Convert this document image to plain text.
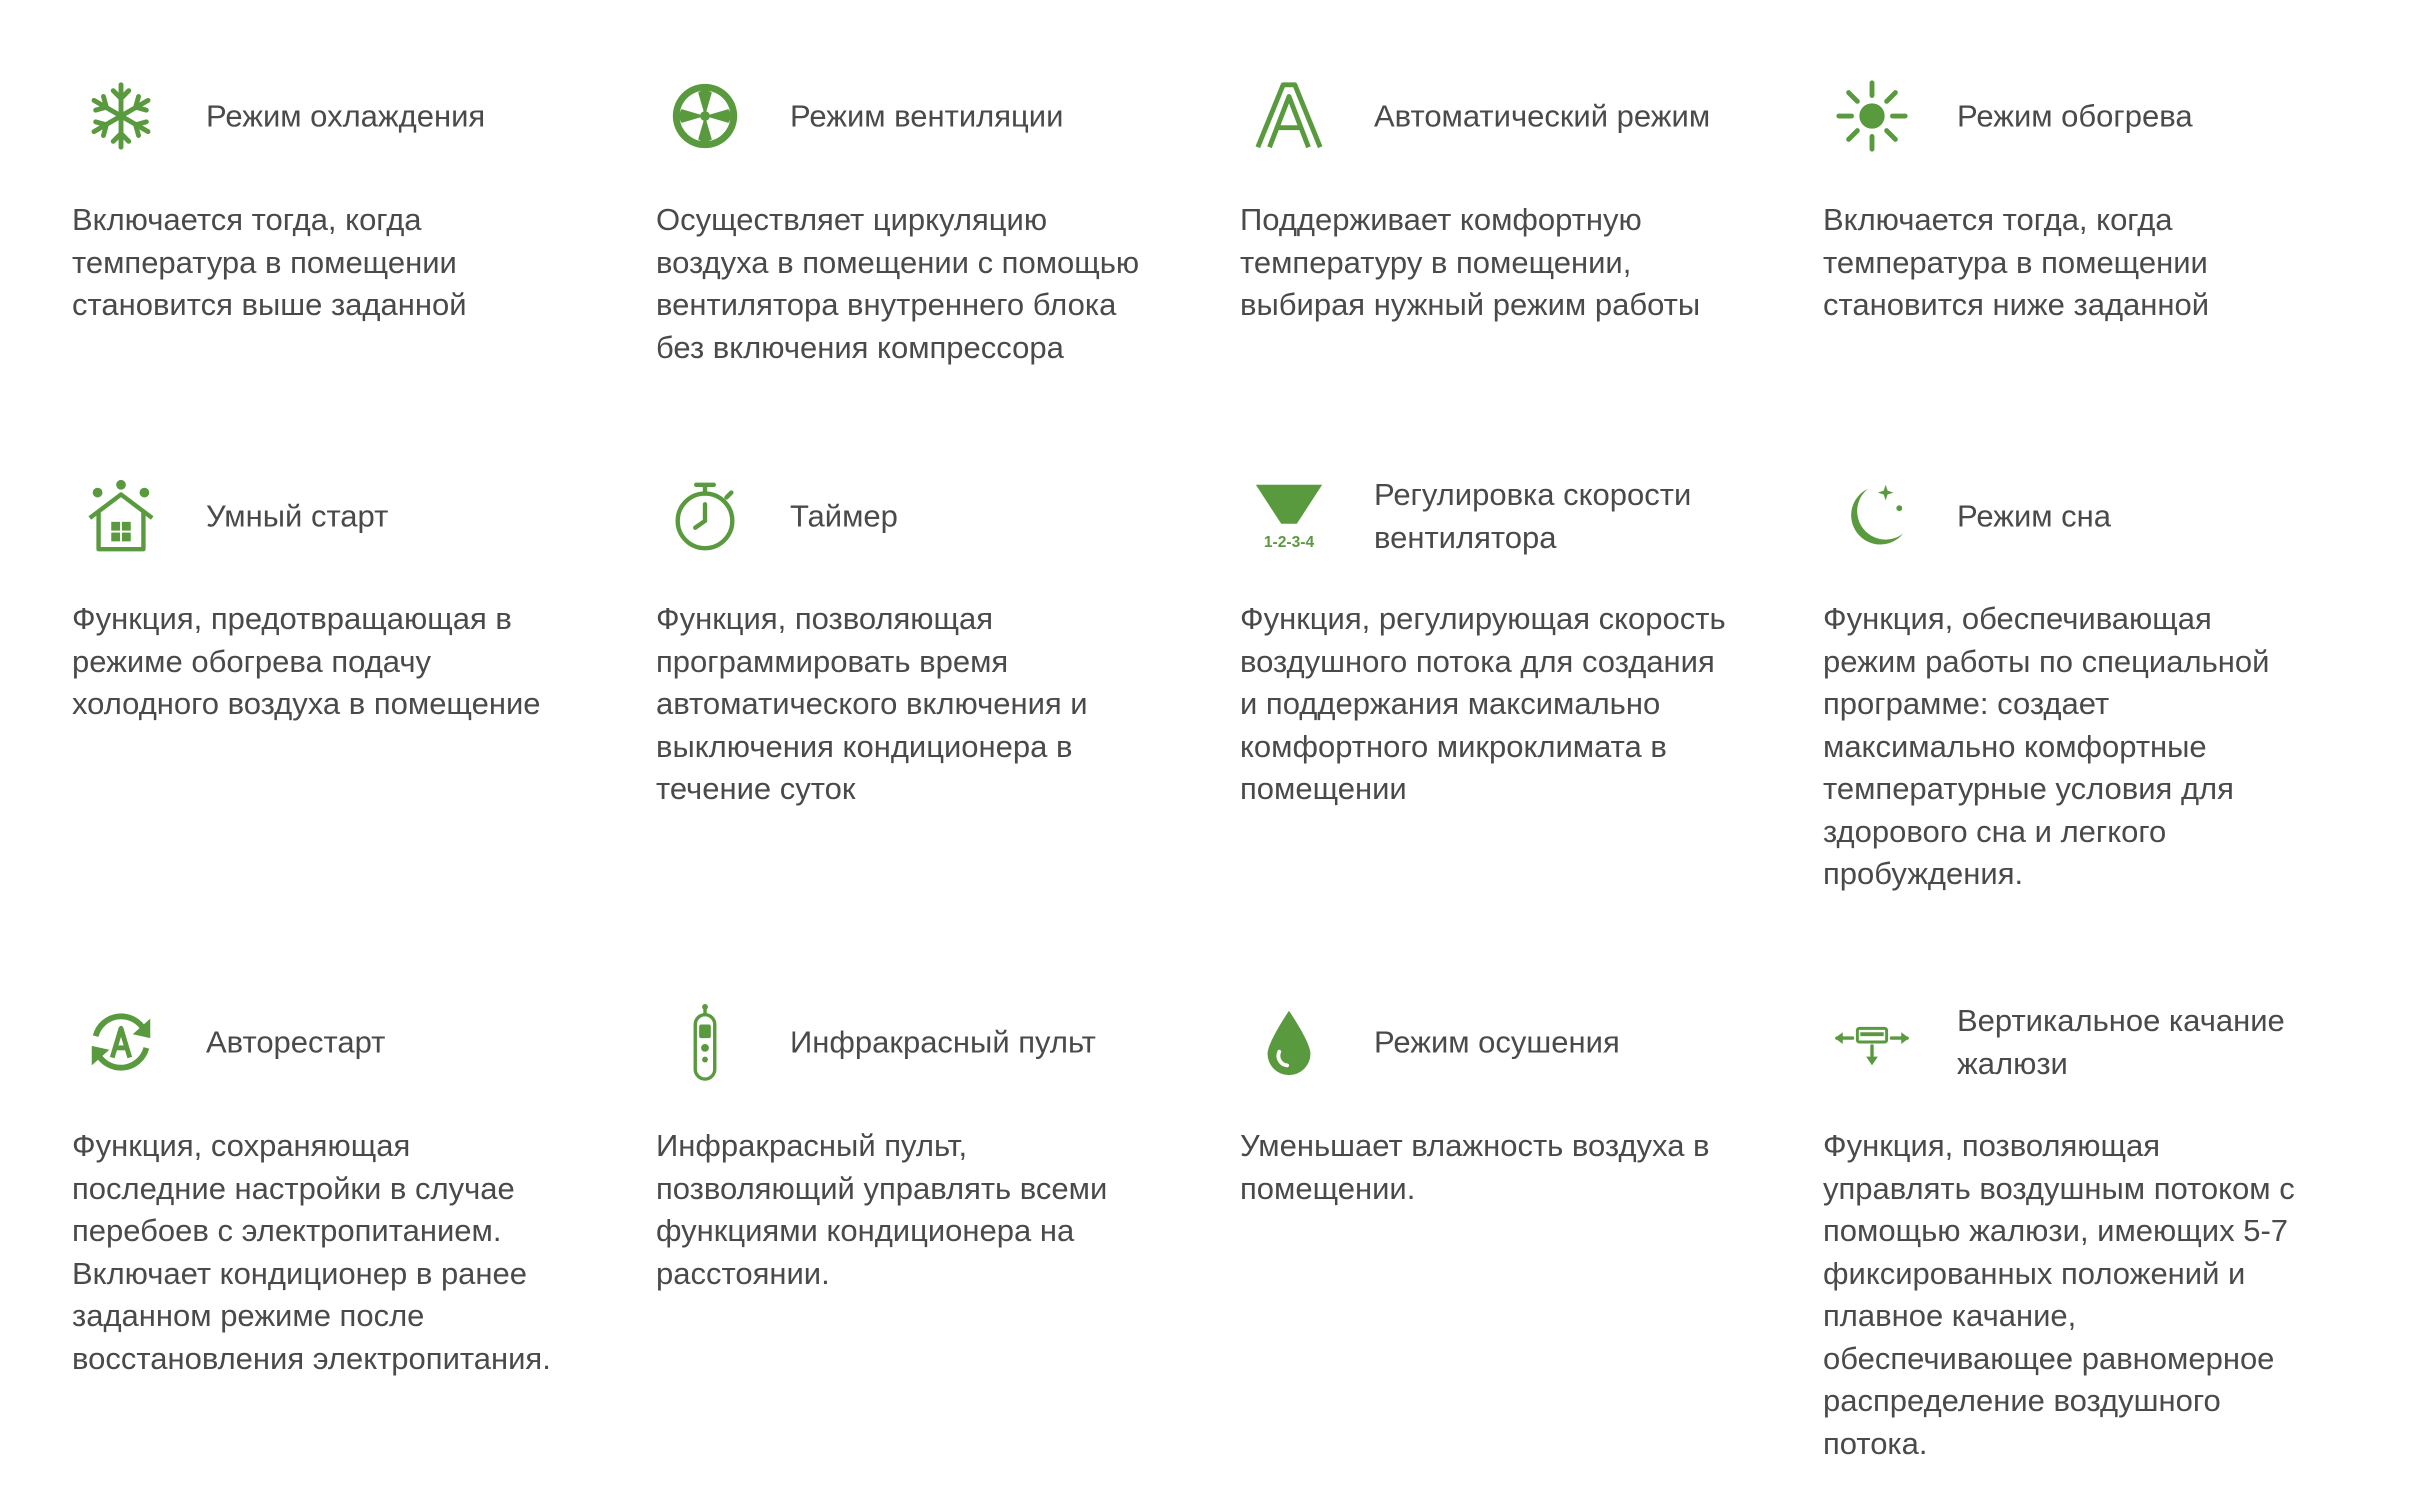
Режим охлаждения
Включается тогда, когда
температура в помещении
становится выше заданной
Режим вентиляции
Осуществляет циркуляцию
воздуха в помещении с помощью
вентилятора внутреннего блока
без включения компрессора
Автоматический режим
Поддерживает комфортную
температуру в помещении,
выбирая нужный режим работы
Режим обогрева
Включается тогда, когда
температура в помещении
становится ниже заданной
Умный старт
Функция, предотвращающая в
режиме обогрева подачу
холодного воздуха в помещение
Таймер
Функция, позволяющая
программировать время
автоматического включения и
выключения кондиционера в
течение суток
1-2-3-4
Регулировка скорости
вентилятора
Функция, регулирующая скорость
воздушного потока для создания
и поддержания максимально
комфортного микроклимата в
помещении
Режим сна
Функция, обеспечивающая
режим работы по специальной
программе: создает
максимально комфортные
температурные условия для
здорового сна и легкого
пробуждения.
Авторестарт
Функция, сохраняющая
последние настройки в случае
перебоев с электропитанием.
Включает кондиционер в ранее
заданном режиме после
восстановления электропитания.
Инфракрасный пульт
Инфракрасный пульт,
позволяющий управлять всеми
функциями кондиционера на
расстоянии.
Режим осушения
Уменьшает влажность воздуха в
помещении.
Вертикальное качание
жалюзи
Функция, позволяющая
управлять воздушным потоком с
помощью жалюзи, имеющих 5-7
фиксированных положений и
плавное качание,
обеспечивающее равномерное
распределение воздушного
потока.
